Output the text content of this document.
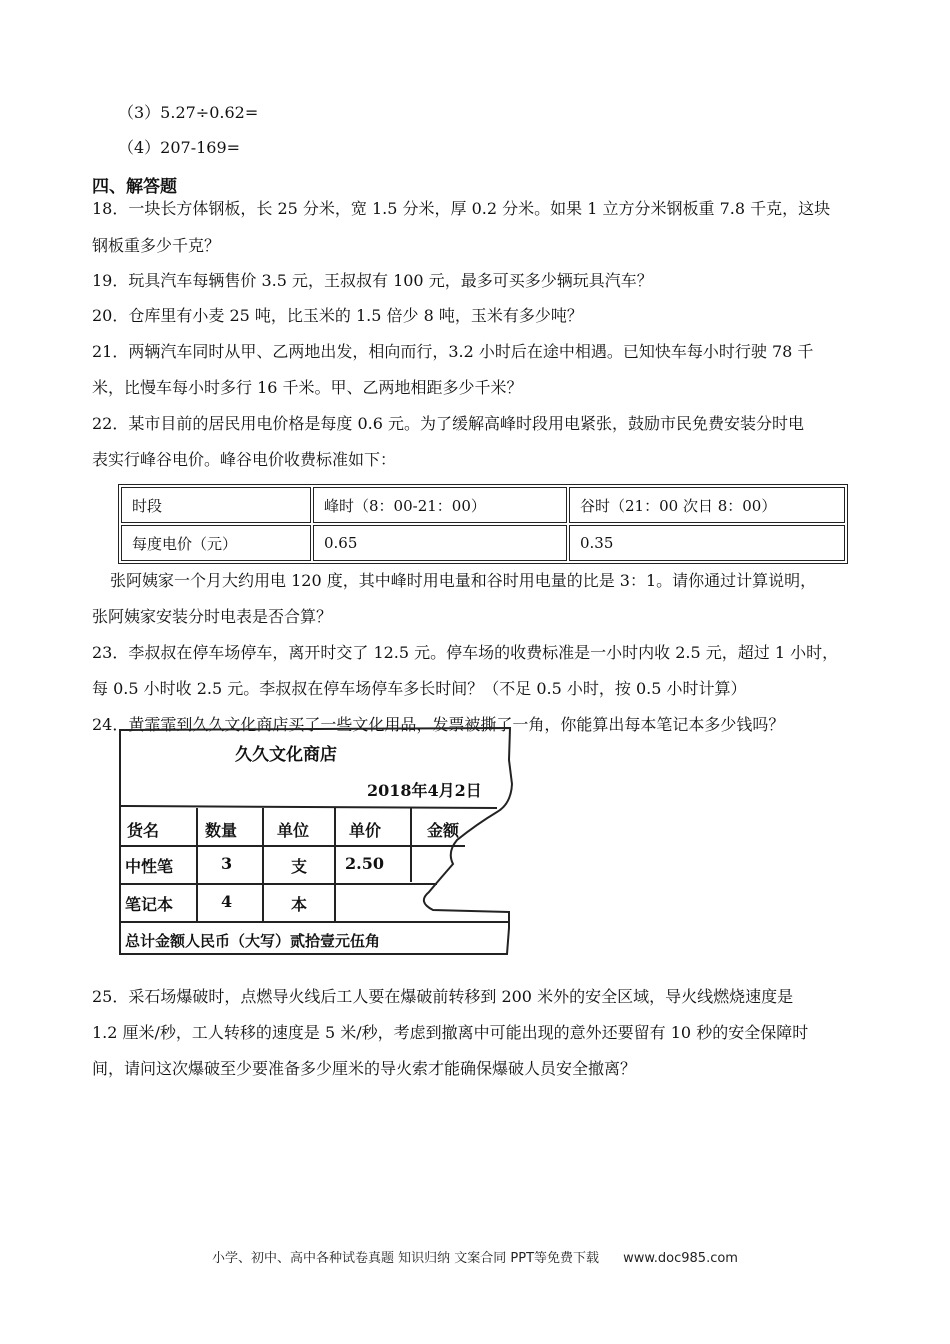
（3）5.27÷0.62=
（4）207-169=
四、解答题
18．一块长方体钢板，长 25 分米，宽 1.5 分米，厚 0.2 分米。如果 1 立方分米钢板重 7.8 千克，这块
钢板重多少千克？
19．玩具汽车每辆售价 3.5 元，王叔叔有 100 元，最多可买多少辆玩具汽车？
20．仓库里有小麦 25 吨，比玉米的 1.5 倍少 8 吨，玉米有多少吨？
21．两辆汽车同时从甲、乙两地出发，相向而行，3.2 小时后在途中相遇。已知快车每小时行驶 78 千
米，比慢车每小时多行 16 千米。甲、乙两地相距多少千米？
22．某市目前的居民用电价格是每度 0.6 元。为了缓解高峰时段用电紧张，鼓励市民免费安装分时电
表实行峰谷电价。峰谷电价收费标准如下：
时段	峰时（8：00-21：00）	谷时（21：00 次日 8：00）
每度电价（元）	0.65	0.35
张阿姨家一个月大约用电 120 度，其中峰时用电量和谷时用电量的比是 3：1。请你通过计算说明，
张阿姨家安装分时电表是否合算？
23．李叔叔在停车场停车，离开时交了 12.5 元。停车场的收费标准是一小时内收 2.5 元，超过 1 小时，
每 0.5 小时收 2.5 元。李叔叔在停车场停车多长时间？（不足 0.5 小时，按 0.5 小时计算）
24．黄霏霏到久久文化商店买了一些文化用品，发票被撕了一角，你能算出每本笔记本多少钱吗？
久久文化商店
2018年4月2日
货名	数量 单位 单价	金额
中性笔	3	支 2.50
笔记本	4	本
总计金额人民币（大写）贰拾壹元伍角
25．采石场爆破时，点燃导火线后工人要在爆破前转移到 200 米外的安全区域，导火线燃烧速度是
1.2 厘米/秒，工人转移的速度是 5 米/秒，考虑到撤离中可能出现的意外还要留有 10 秒的安全保障时
间，请问这次爆破至少要准备多少厘米的导火索才能确保爆破人员安全撤离？
小学、初中、高中各种试卷真题 知识归纳 文案合同 PPT等免费下载 www.doc985.com
